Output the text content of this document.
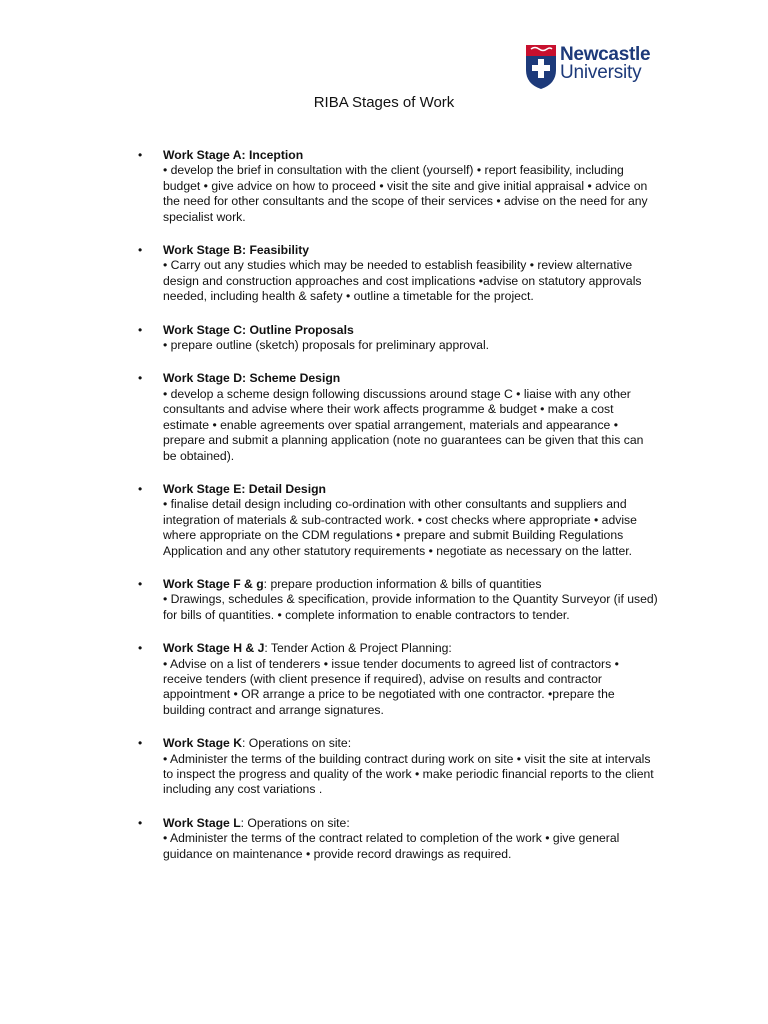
Newcastle
University
RIBA Stages of Work
• Work Stage A: Inception
• develop the brief in consultation with the client (yourself) • report feasibility, including budget • give advice on how to proceed • visit the site and give initial appraisal • advice on the need for other consultants and the scope of their services • advise on the need for any specialist work.
• Work Stage B: Feasibility
• Carry out any studies which may be needed to establish feasibility • review alternative design and construction approaches and cost implications •advise on statutory approvals needed, including health & safety • outline a timetable for the project.
• Work Stage C: Outline Proposals
• prepare outline (sketch) proposals for preliminary approval.
• Work Stage D: Scheme Design
• develop a scheme design following discussions around stage C • liaise with any other consultants and advise where their work affects programme & budget • make a cost estimate • enable agreements over spatial arrangement, materials and appearance • prepare and submit a planning application (note no guarantees can be given that this can be obtained).
• Work Stage E: Detail Design
• finalise detail design including co-ordination with other consultants and suppliers and integration of materials & sub-contracted work. • cost checks where appropriate • advise where appropriate on the CDM regulations • prepare and submit Building Regulations Application and any other statutory requirements • negotiate as necessary on the latter.
• Work Stage F & g: prepare production information & bills of quantities
• Drawings, schedules & specification, provide information to the Quantity Surveyor (if used) for bills of quantities. • complete information to enable contractors to tender.
• Work Stage H & J: Tender Action & Project Planning:
• Advise on a list of tenderers • issue tender documents to agreed list of contractors • receive tenders (with client presence if required), advise on results and contractor appointment • OR arrange a price to be negotiated with one contractor. •prepare the building contract and arrange signatures.
• Work Stage K: Operations on site:
• Administer the terms of the building contract during work on site • visit the site at intervals to inspect the progress and quality of the work • make periodic financial reports to the client including any cost variations .
• Work Stage L: Operations on site:
• Administer the terms of the contract related to completion of the work • give general guidance on maintenance • provide record drawings as required.
